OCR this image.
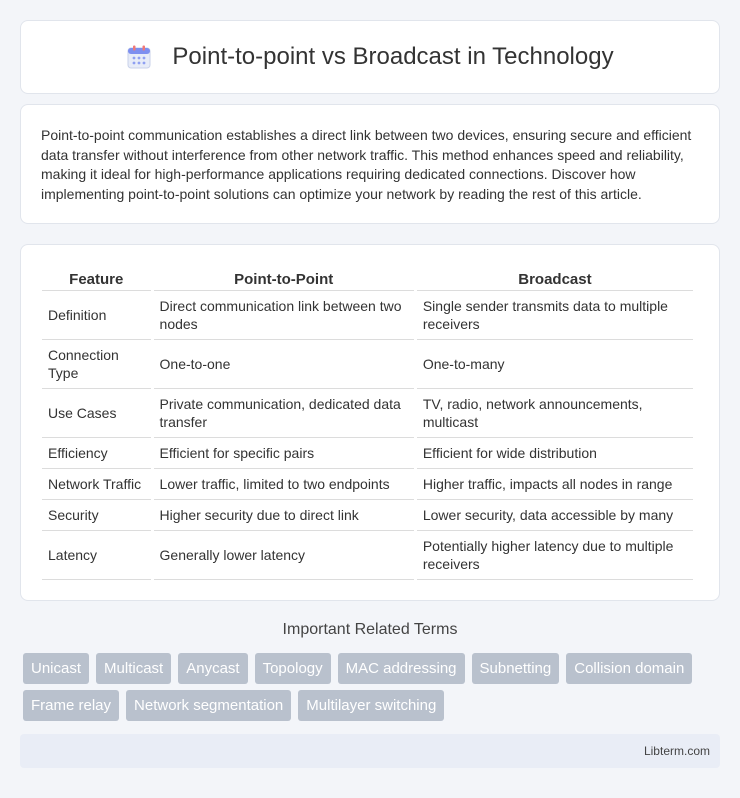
Point-to-point vs Broadcast in Technology

Point-to-point communication establishes a direct link between two devices, ensuring secure and efficient data transfer without interference from other network traffic. This method enhances speed and reliability, making it ideal for high-performance applications requiring dedicated connections. Discover how implementing point-to-point solutions can optimize your network by reading the rest of this article.

Feature	Point-to-Point	Broadcast
Definition	Direct communication link between two nodes	Single sender transmits data to multiple receivers
Connection Type	One-to-one	One-to-many
Use Cases	Private communication, dedicated data transfer	TV, radio, network announcements, multicast
Efficiency	Efficient for specific pairs	Efficient for wide distribution
Network Traffic	Lower traffic, limited to two endpoints	Higher traffic, impacts all nodes in range
Security	Higher security due to direct link	Lower security, data accessible by many
Latency	Generally lower latency	Potentially higher latency due to multiple receivers
Important Related Terms
Unicast	Multicast	Anycast	Topology	MAC addressing	Subnetting	Collision domain
Frame relay	Network segmentation	Multilayer switching
Libterm.com
